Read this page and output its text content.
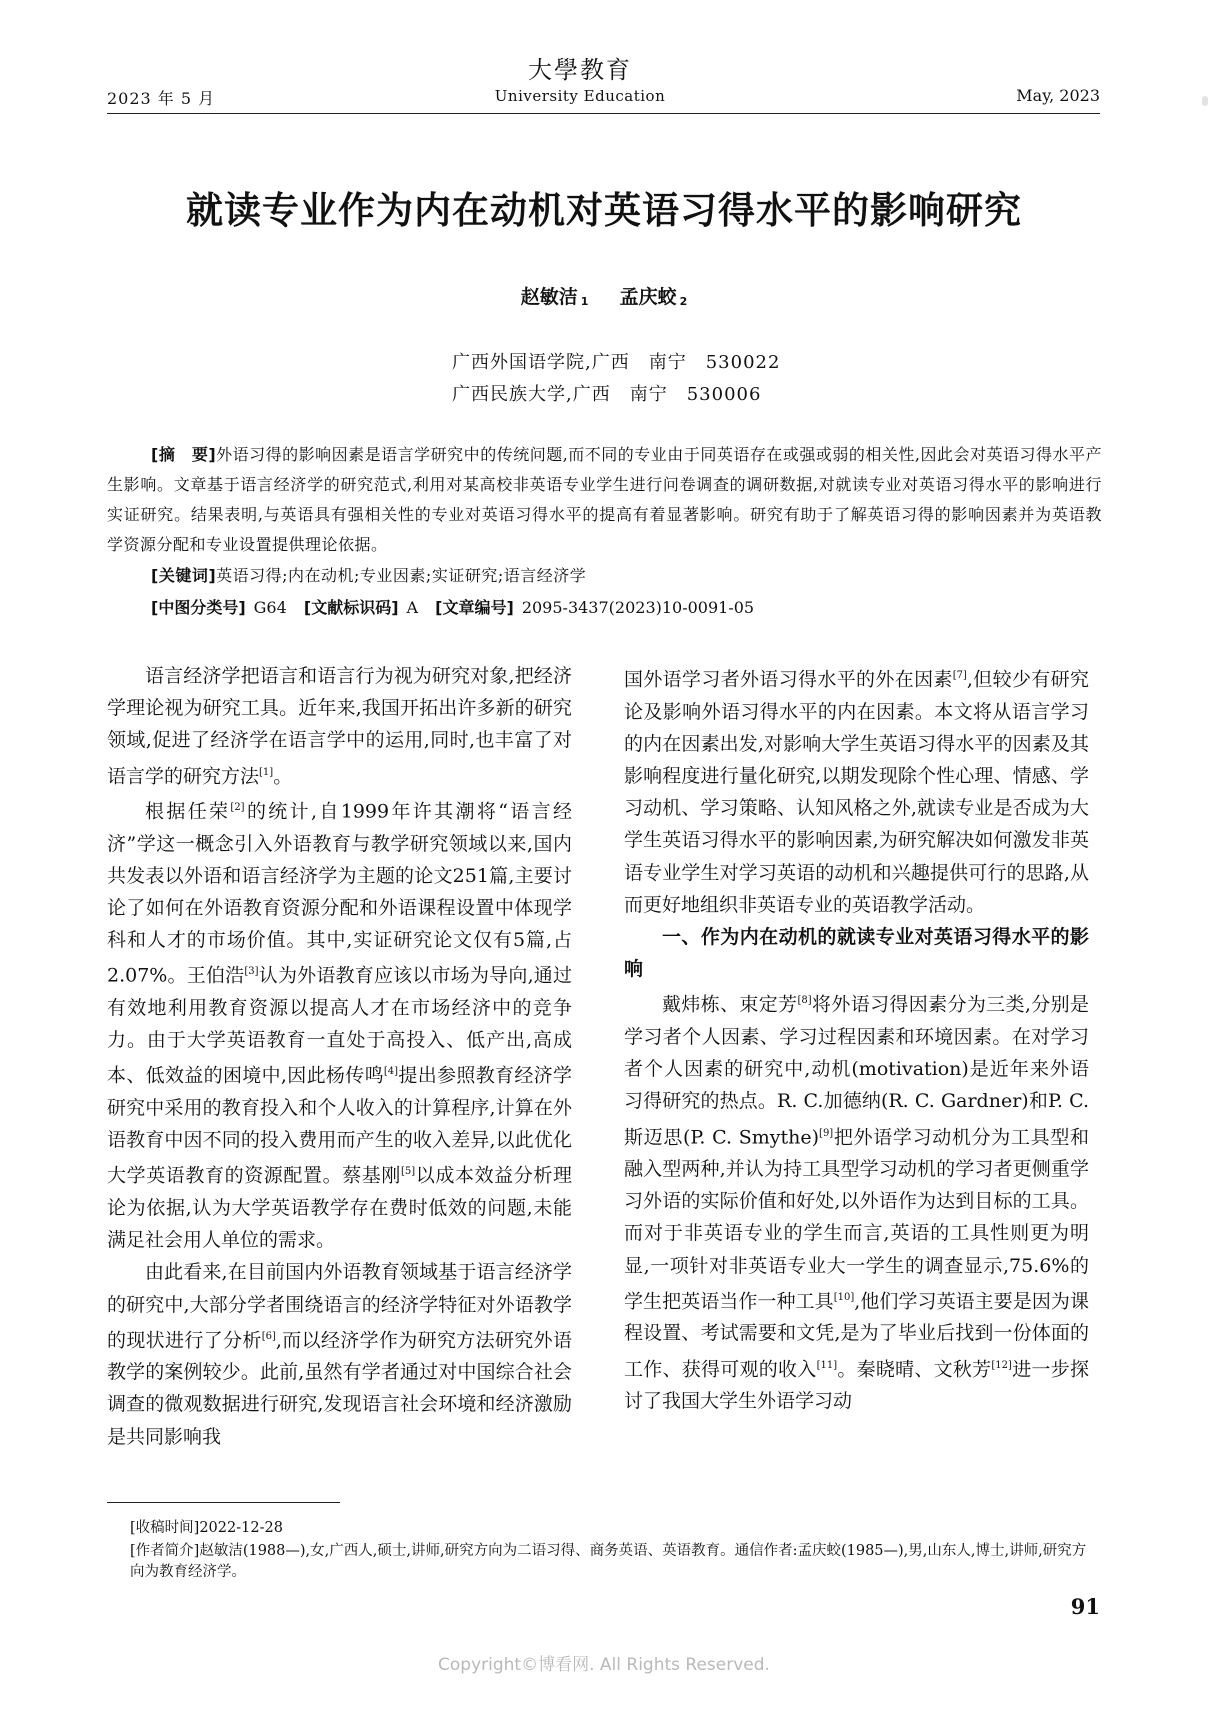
2023 年 5 月
大學教育
University Education	May, 2023
就读专业作为内在动机对英语习得水平的影响研究
赵敏洁 $^1$ 孟庆蛟 $^2$
广西外国语学院,广西　南宁　530022
广西民族大学,广西　南宁　530006
[摘　要]外语习得的影响因素是语言学研究中的传统问题,而不同的专业由于同英语存在或强或弱的相关性,因此会对英语习得水平产生影响。文章基于语言经济学的研究范式,利用对某高校非英语专业学生进行问卷调查的调研数据,对就读专业对英语习得水平的影响进行实证研究。结果表明,与英语具有强相关性的专业对英语习得水平的提高有着显著影响。研究有助于了解英语习得的影响因素并为英语教学资源分配和专业设置提供理论依据。
[关键词]英语习得;内在动机;专业因素;实证研究;语言经济学
[中图分类号] G64 [文献标识码] A [文章编号] 2095-3437(2023)10-0091-05

语言经济学把语言和语言行为视为研究对象,把经济学理论视为研究工具。近年来,我国开拓出许多新的研究领域,促进了经济学在语言学中的运用,同时,也丰富了对语言学的研究方法[1]。

根据任荣[2]的统计,自1999年许其潮将“语言经济”学这一概念引入外语教育与教学研究领域以来,国内共发表以外语和语言经济学为主题的论文251篇,主要讨论了如何在外语教育资源分配和外语课程设置中体现学科和人才的市场价值。其中,实证研究论文仅有5篇,占2.07%。王伯浩[3]认为外语教育应该以市场为导向,通过有效地利用教育资源以提高人才在市场经济中的竞争力。由于大学英语教育一直处于高投入、低产出,高成本、低效益的困境中,因此杨传鸣[4]提出参照教育经济学研究中采用的教育投入和个人收入的计算程序,计算在外语教育中因不同的投入费用而产生的收入差异,以此优化大学英语教育的资源配置。蔡基刚[5]以成本效益分析理论为依据,认为大学英语教学存在费时低效的问题,未能满足社会用人单位的需求。

由此看来,在目前国内外语教育领域基于语言经济学的研究中,大部分学者围绕语言的经济学特征对外语教学的现状进行了分析[6],而以经济学作为研究方法研究外语教学的案例较少。此前,虽然有学者通过对中国综合社会调查的微观数据进行研究,发现语言社会环境和经济激励是共同影响我

国外语学习者外语习得水平的外在因素[7],但较少有研究论及影响外语习得水平的内在因素。本文将从语言学习的内在因素出发,对影响大学生英语习得水平的因素及其影响程度进行量化研究,以期发现除个性心理、情感、学习动机、学习策略、认知风格之外,就读专业是否成为大学生英语习得水平的影响因素,为研究解决如何激发非英语专业学生对学习英语的动机和兴趣提供可行的思路,从而更好地组织非英语专业的英语教学活动。

一、作为内在动机的就读专业对英语习得水平的影响

戴炜栋、束定芳[8]将外语习得因素分为三类,分别是学习者个人因素、学习过程因素和环境因素。在对学习者个人因素的研究中,动机(motivation)是近年来外语习得研究的热点。R. C.加德纳(R. C. Gardner)和P. C.斯迈思(P. C. Smythe)[9]把外语学习动机分为工具型和融入型两种,并认为持工具型学习动机的学习者更侧重学习外语的实际价值和好处,以外语作为达到目标的工具。而对于非英语专业的学生而言,英语的工具性则更为明显,一项针对非英语专业大一学生的调查显示,75.6%的学生把英语当作一种工具[10],他们学习英语主要是因为课程设置、考试需要和文凭,是为了毕业后找到一份体面的工作、获得可观的收入[11]。秦晓晴、文秋芳[12]进一步探讨了我国大学生外语学习动

[收稿时间]2022-12-28
[作者简介]赵敏洁(1988—),女,广西人,硕士,讲师,研究方向为二语习得、商务英语、英语教育。通信作者:孟庆蛟(1985—),男,山东人,博士,讲师,研究方向为教育经济学。
91
Copyright©博看网. All Rights Reserved.
